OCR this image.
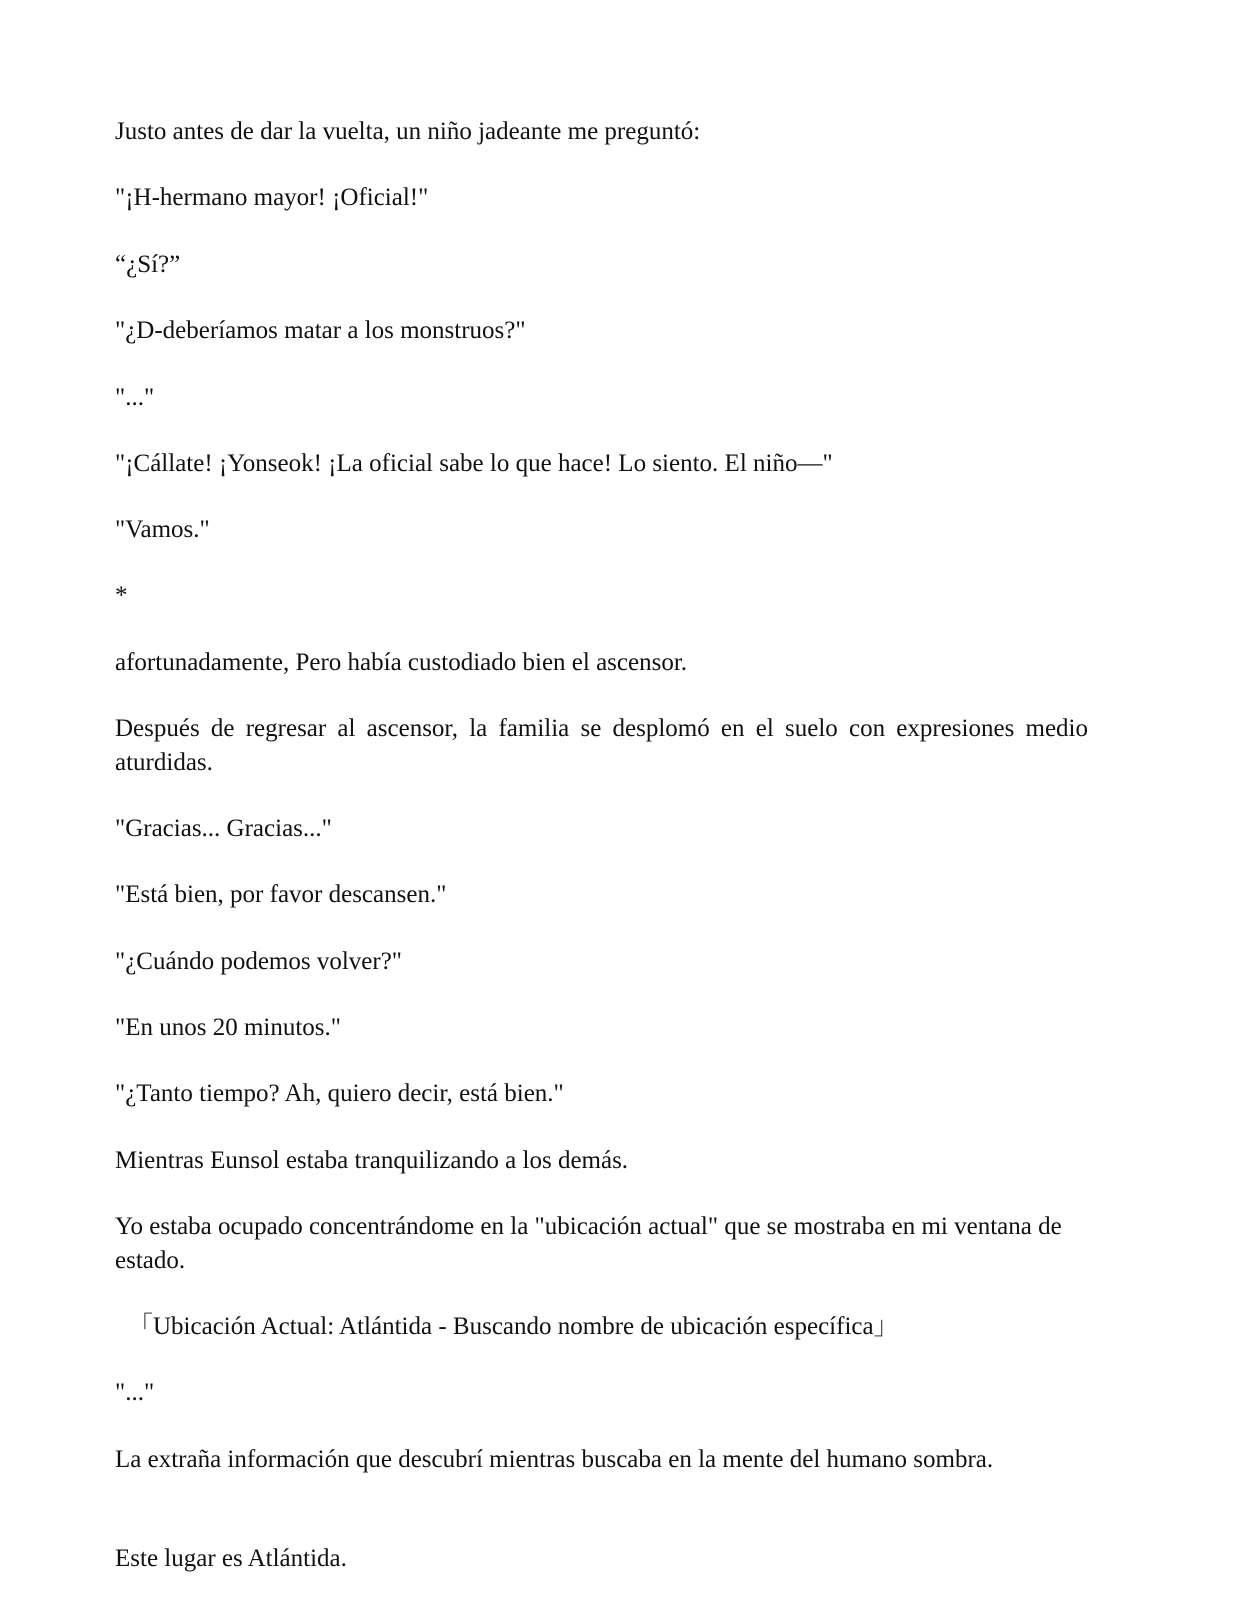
Justo antes de dar la vuelta, un niño jadeante me preguntó:

"¡H-hermano mayor! ¡Oficial!"

“¿Sí?”

"¿D-deberíamos matar a los monstruos?"

"..."

"¡Cállate! ¡Yonseok! ¡La oficial sabe lo que hace! Lo siento. El niño—"

"Vamos."

*

afortunadamente, Pero había custodiado bien el ascensor.

Después de regresar al ascensor, la familia se desplomó en el suelo con expresiones medio aturdidas.

"Gracias... Gracias..."

"Está bien, por favor descansen."

"¿Cuándo podemos volver?"

"En unos 20 minutos."

"¿Tanto tiempo? Ah, quiero decir, está bien."

Mientras Eunsol estaba tranquilizando a los demás.

Yo estaba ocupado concentrándome en la "ubicación actual" que se mostraba en mi ventana de estado.

「Ubicación Actual: Atlántida - Buscando nombre de ubicación específica」

"..."

La extraña información que descubrí mientras buscaba en la mente del humano sombra.

Este lugar es Atlántida.
